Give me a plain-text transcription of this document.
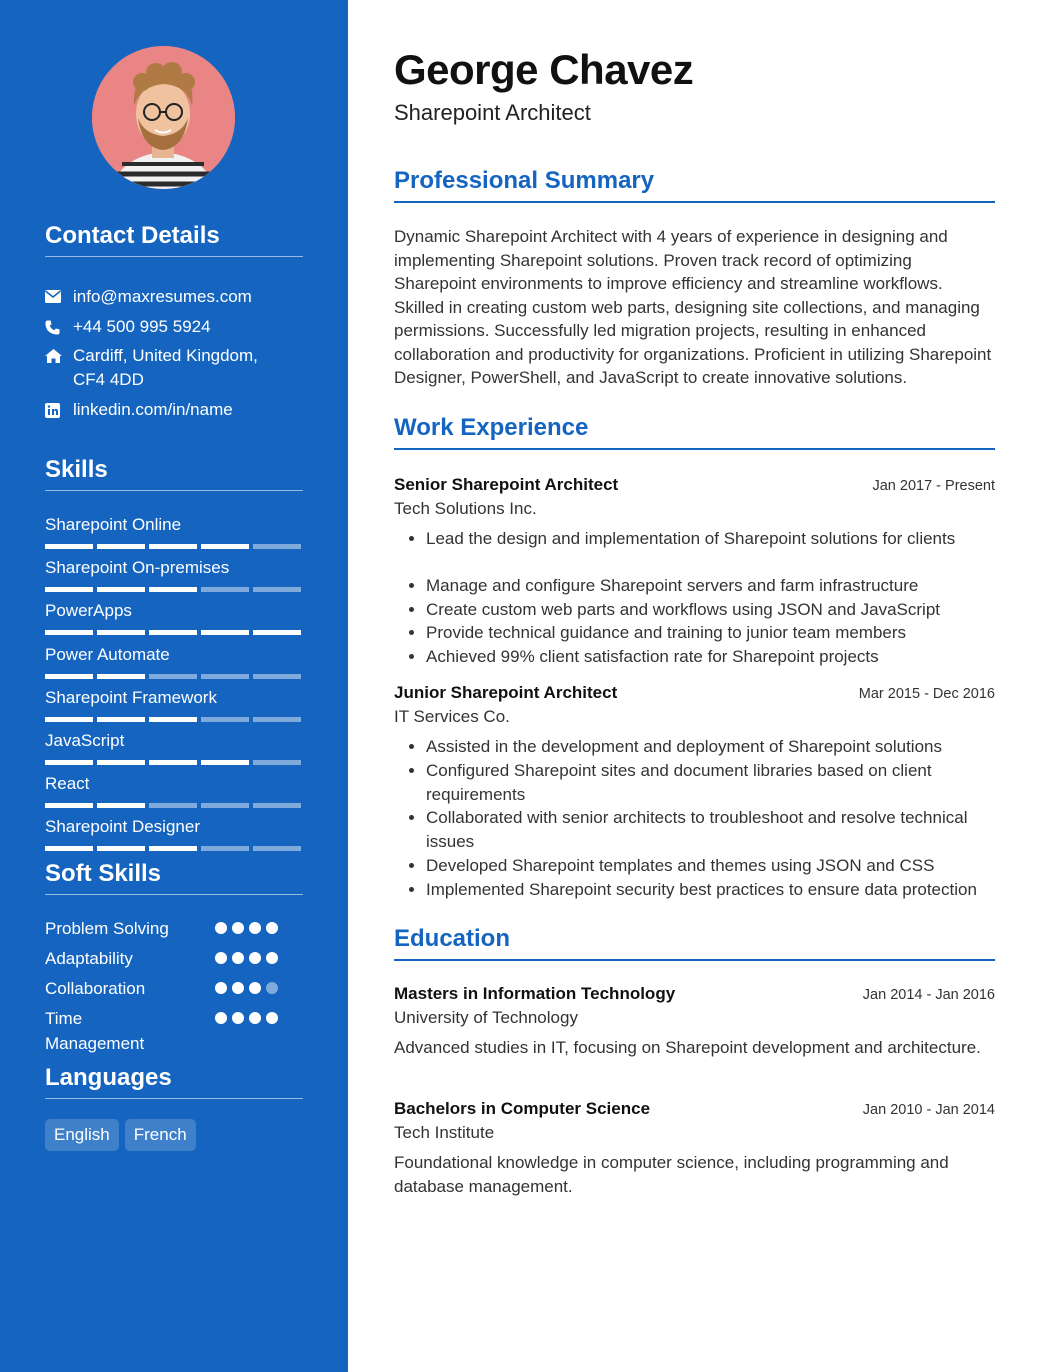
Contact Details
info@maxresumes.com
+44 500 995 5924
Cardiff, United Kingdom,
CF4 4DD
linkedin.com/in/name
Skills
Sharepoint Online
Sharepoint On-premises
PowerApps
Power Automate
Sharepoint Framework
JavaScript
React
Sharepoint Designer
Soft Skills
Problem Solving
Adaptability
Collaboration
Time
Management
Languages
English	French
George Chavez
Sharepoint Architect
Professional Summary
Dynamic Sharepoint Architect with 4 years of experience in designing and implementing Sharepoint solutions. Proven track record of optimizing Sharepoint environments to improve efficiency and streamline workflows. Skilled in creating custom web parts, designing site collections, and managing permissions. Successfully led migration projects, resulting in enhanced collaboration and productivity for organizations. Proficient in utilizing Sharepoint Designer, PowerShell, and JavaScript to create innovative solutions.
Work Experience
Senior Sharepoint Architect	Jan 2017 - Present
Tech Solutions Inc.
• Lead the design and implementation of Sharepoint solutions for clients
• Manage and configure Sharepoint servers and farm infrastructure
• Create custom web parts and workflows using JSON and JavaScript
• Provide technical guidance and training to junior team members
• Achieved 99% client satisfaction rate for Sharepoint projects
Junior Sharepoint Architect	Mar 2015 - Dec 2016
IT Services Co.
• Assisted in the development and deployment of Sharepoint solutions
• Configured Sharepoint sites and document libraries based on client requirements
• Collaborated with senior architects to troubleshoot and resolve technical issues
• Developed Sharepoint templates and themes using JSON and CSS
• Implemented Sharepoint security best practices to ensure data protection
Education
Masters in Information Technology	Jan 2014 - Jan 2016
University of Technology
Advanced studies in IT, focusing on Sharepoint development and architecture.
Bachelors in Computer Science	Jan 2010 - Jan 2014
Tech Institute
Foundational knowledge in computer science, including programming and database management.
